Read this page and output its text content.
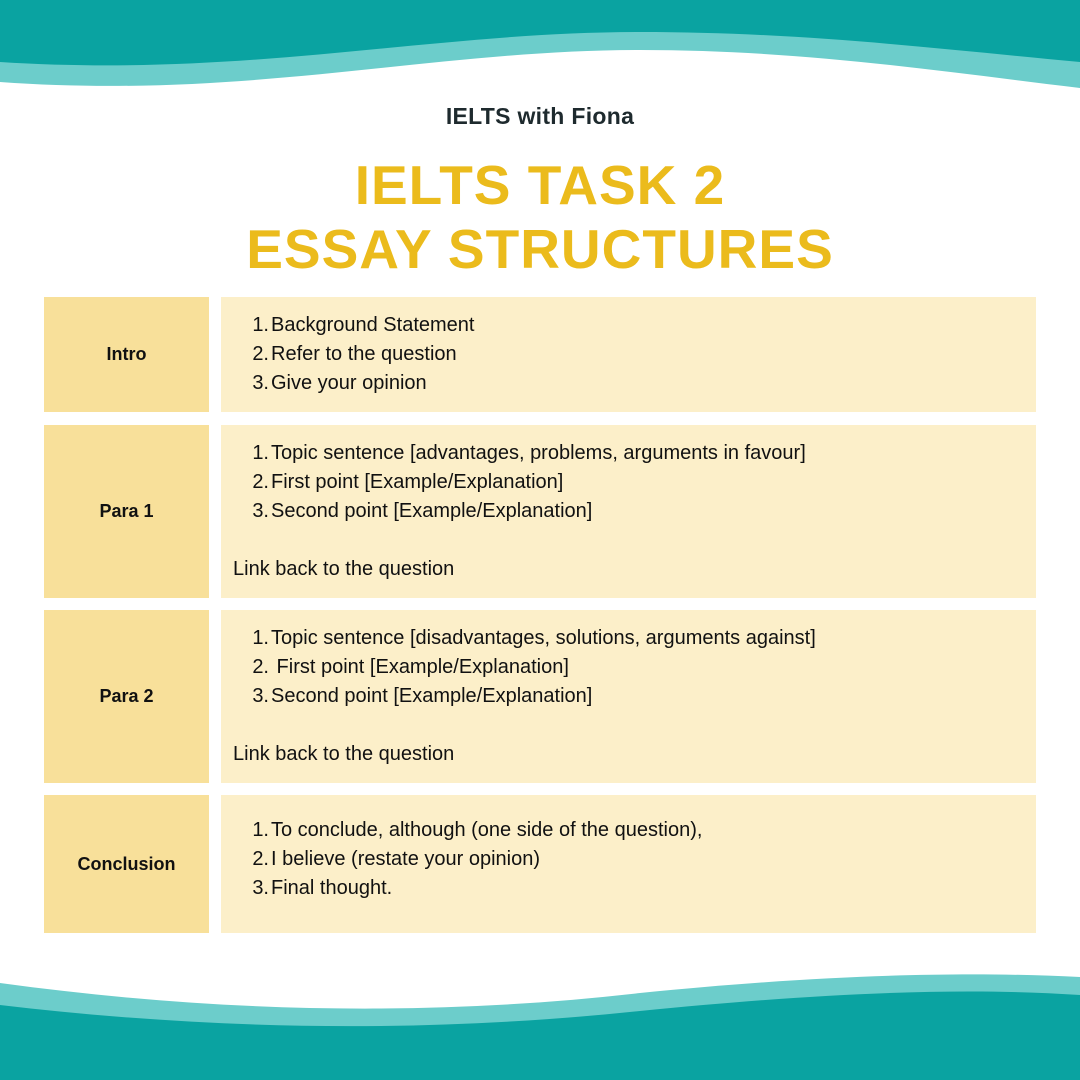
IELTS with Fiona
IELTS TASK 2
ESSAY STRUCTURES
Intro
1. Background Statement
2. Refer to the question
3. Give your opinion
Para 1
1. Topic sentence [advantages, problems, arguments in favour]
2. First point [Example/Explanation]
3. Second point [Example/Explanation]
Link back to the question
Para 2
1. Topic sentence [disadvantages, solutions, arguments against]
2. First point [Example/Explanation]
3. Second point [Example/Explanation]
Link back to the question
Conclusion
1. To conclude, although (one side of the question),
2. I believe (restate your opinion)
3. Final thought.
